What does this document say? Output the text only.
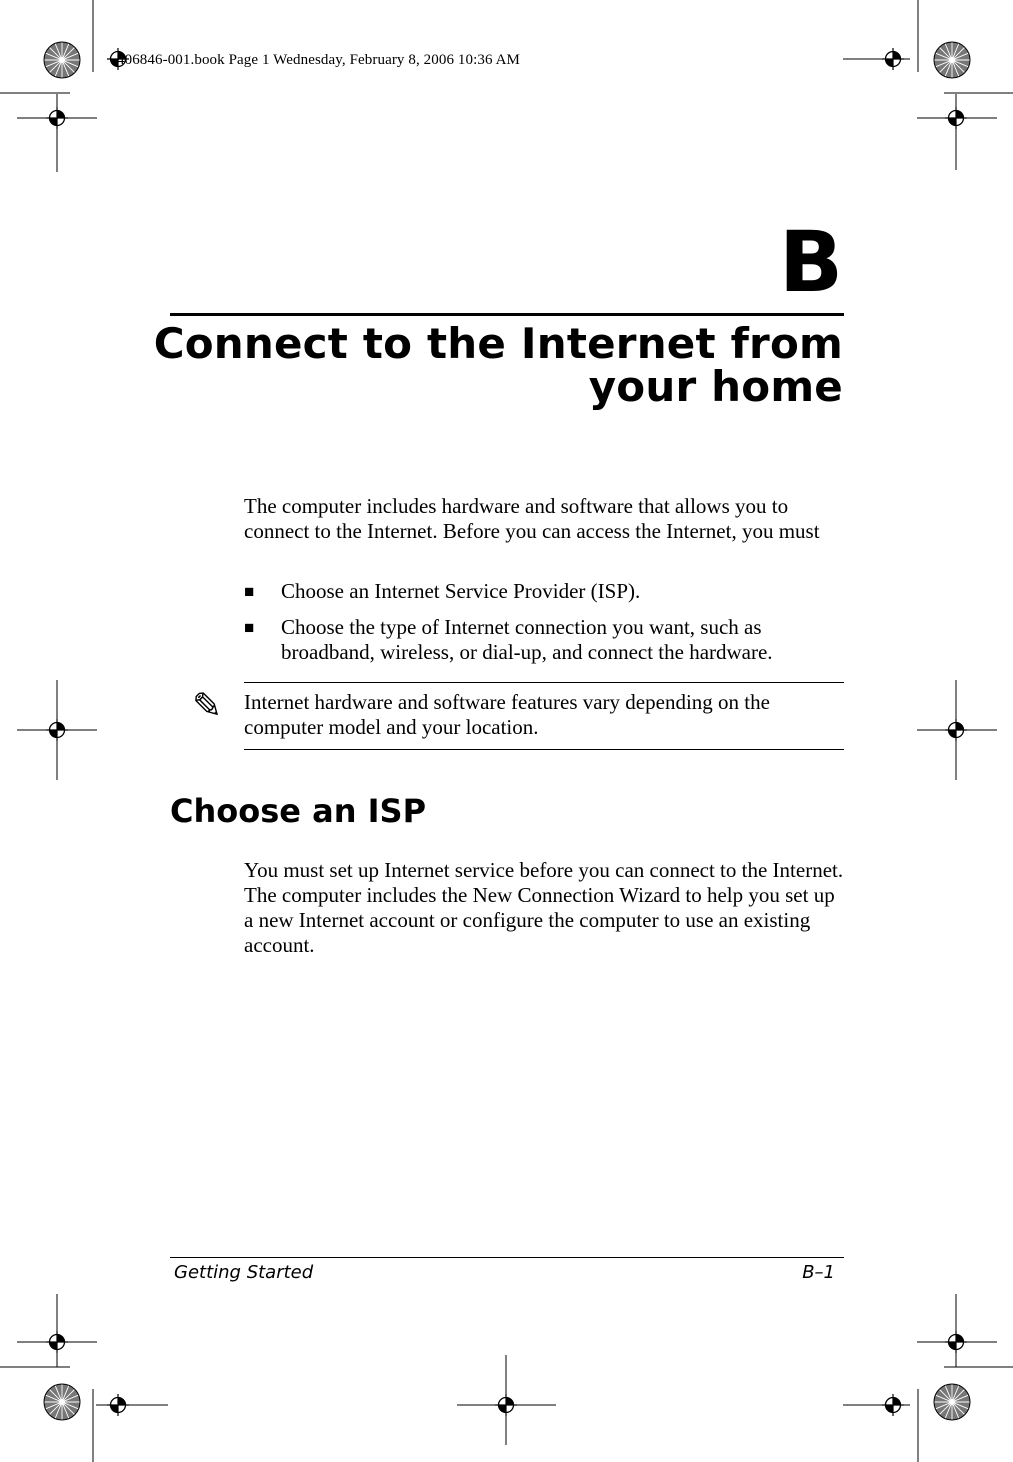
406846-001.book Page 1 Wednesday, February 8, 2006 10:36 AM
B
Connect to the Internet from
your home

The computer includes hardware and software that allows you to connect to the Internet. Before you can access the Internet, you must

■ Choose an Internet Service Provider (ISP).
■ Choose the type of Internet connection you want, such as broadband, wireless, or dial-up, and connect the hardware.
✎ Internet hardware and software features vary depending on the computer model and your location.
Choose an ISP

You must set up Internet service before you can connect to the Internet. The computer includes the New Connection Wizard to help you set up a new Internet account or configure the computer to use an existing account.

Getting Started	B–1
